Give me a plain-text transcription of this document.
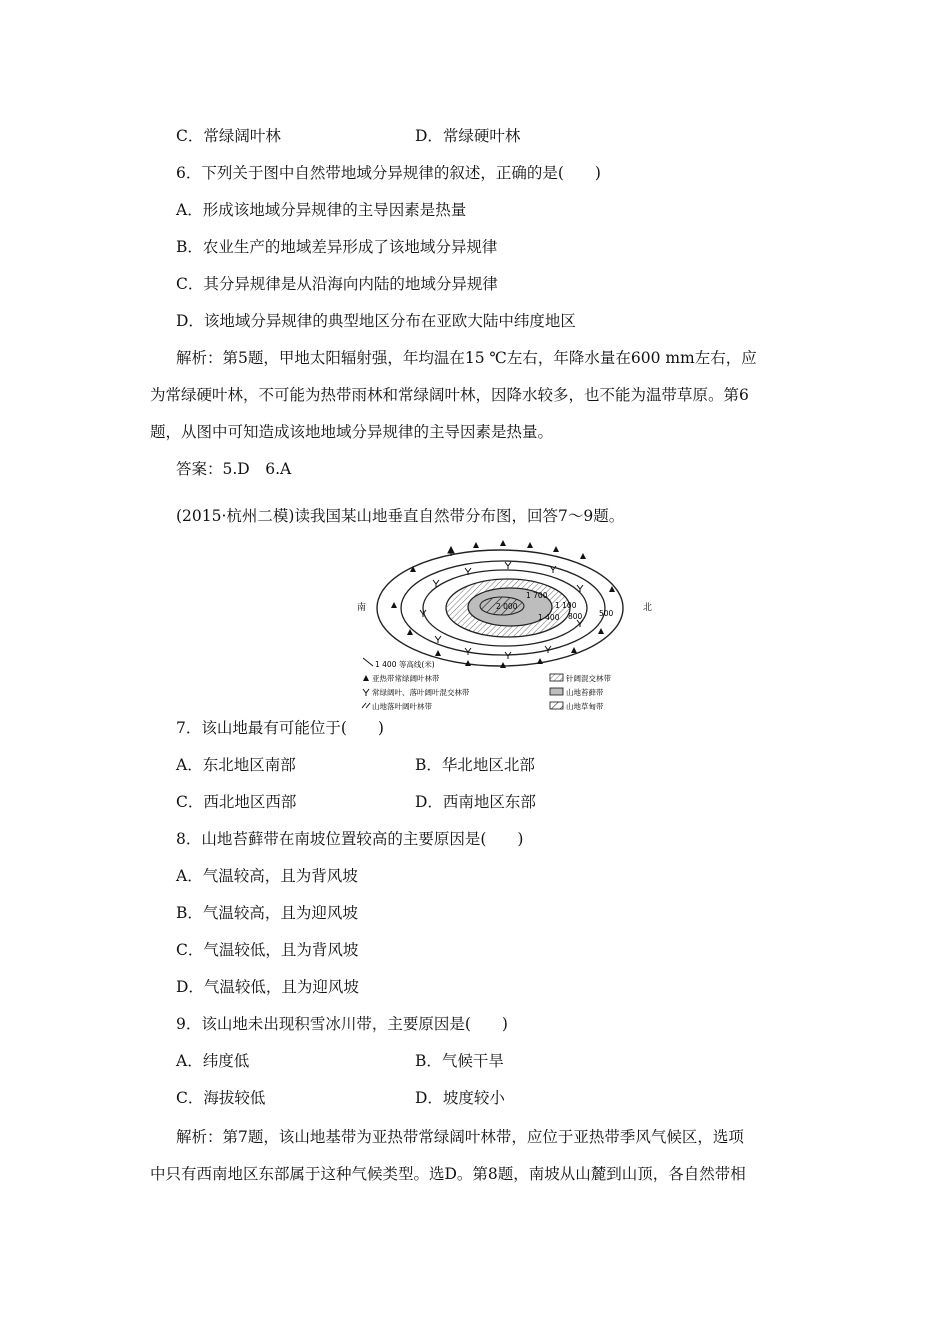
C．常绿阔叶林	D．常绿硬叶林
6．下列关于图中自然带地域分异规律的叙述，正确的是(　　)
A．形成该地域分异规律的主导因素是热量
B．农业生产的地域差异形成了该地域分异规律
C．其分异规律是从沿海向内陆的地域分异规律
D．该地域分异规律的典型地区分布在亚欧大陆中纬度地区
解析：第5题，甲地太阳辐射强，年均温在15 ℃左右，年降水量在600 mm左右，应
为常绿硬叶林，不可能为热带雨林和常绿阔叶林，因降水较多，也不能为温带草原。第6
题，从图中可知造成该地地域分异规律的主导因素是热量。
答案：5.D　6.A
(2015·杭州二模)读我国某山地垂直自然带分布图，回答7～9题。
南	北
2 000
1 700
1 400
1 100
800 500
1 400 等高线(米)
亚热带常绿阔叶林带
常绿阔叶、落叶阔叶混交林带
山地落叶阔叶林带
针阔混交林带
山地苔藓带
山地草甸带
7．该山地最有可能位于(　　)
A．东北地区南部	B．华北地区北部
C．西北地区西部	D．西南地区东部
8．山地苔藓带在南坡位置较高的主要原因是(　　)
A．气温较高，且为背风坡
B．气温较高，且为迎风坡
C．气温较低，且为背风坡
D．气温较低，且为迎风坡
9．该山地未出现积雪冰川带，主要原因是(　　)
A．纬度低	B．气候干旱
C．海拔较低	D．坡度较小
解析：第7题，该山地基带为亚热带常绿阔叶林带，应位于亚热带季风气候区，选项
中只有西南地区东部属于这种气候类型。选D。第8题，南坡从山麓到山顶，各自然带相
